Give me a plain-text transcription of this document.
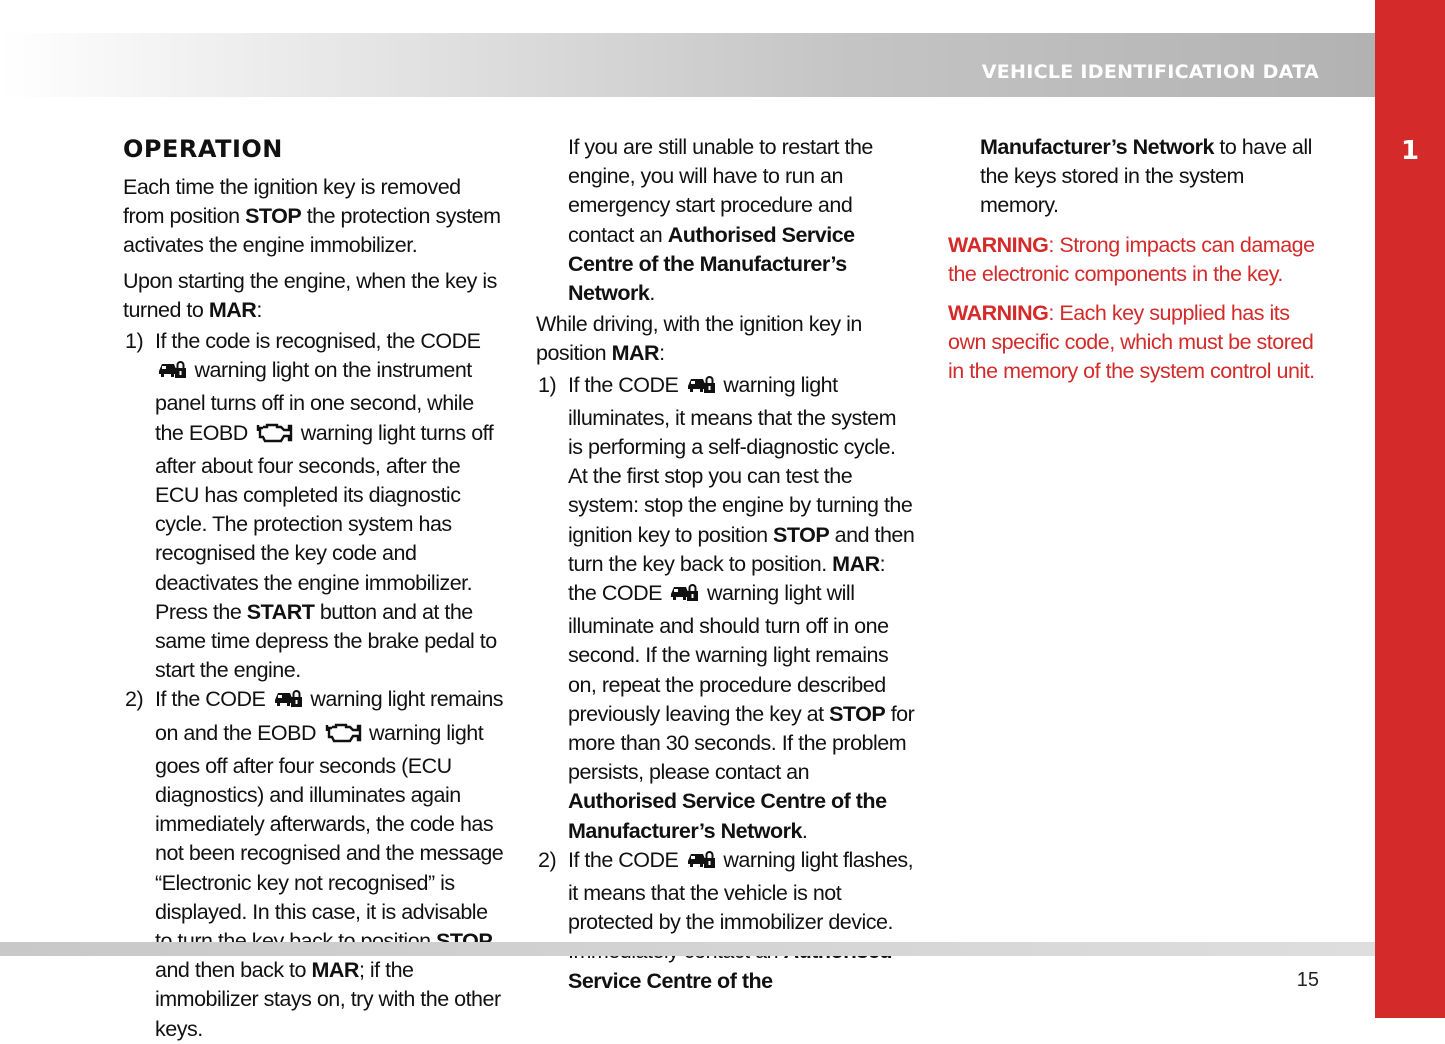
VEHICLE IDENTIFICATION DATA
1
OPERATION

Each time the ignition key is removed from position STOP the protection system activates the engine immobilizer.

Upon starting the engine, when the key is turned to MAR:

1) If the code is recognised, the CODE  warning light on the instrument panel turns off in one second, while the EOBD warning light turns off after about four seconds, after the ECU has completed its diagnostic cycle. The protection system has recognised the key code and deactivates the engine immobilizer. Press the START button and at the same time depress the brake pedal to start the engine.
2) If the CODE warning light remains on and the EOBD warning light goes off after four seconds (ECU diagnostics) and illuminates again immediately afterwards, the code has not been recognised and the message “Electronic key not recognised” is displayed. In this case, it is advisable and then back to MAR; if the immobilizer stays on, try with the other keys.

If you are still unable to restart the engine, you will have to run an emergency start procedure and contact an Authorised Service Centre of the Manufacturer’s Network.

While driving, with the ignition key in position MAR:

1) If the CODE warning light illuminates, it means that the system is performing a self-diagnostic cycle. At the first stop you can test the system: stop the engine by turning the ignition key to position STOP and then turn the key back to position. MAR: the CODE warning light will illuminate and should turn off in one second. If the warning light remains on, repeat the procedure described previously leaving the key at STOP for more than 30 seconds. If the problem persists, please contact an Authorised Service Centre of the Manufacturer’s Network.
2) If the CODE warning light flashes, it means that the vehicle is not protected by the immobilizer device. Service Centre of the

Manufacturer’s Network to have all the keys stored in the system memory.

WARNING: Strong impacts can damage the electronic components in the key.

WARNING: Each key supplied has its own specific code, which must be stored in the memory of the system control unit.

15
